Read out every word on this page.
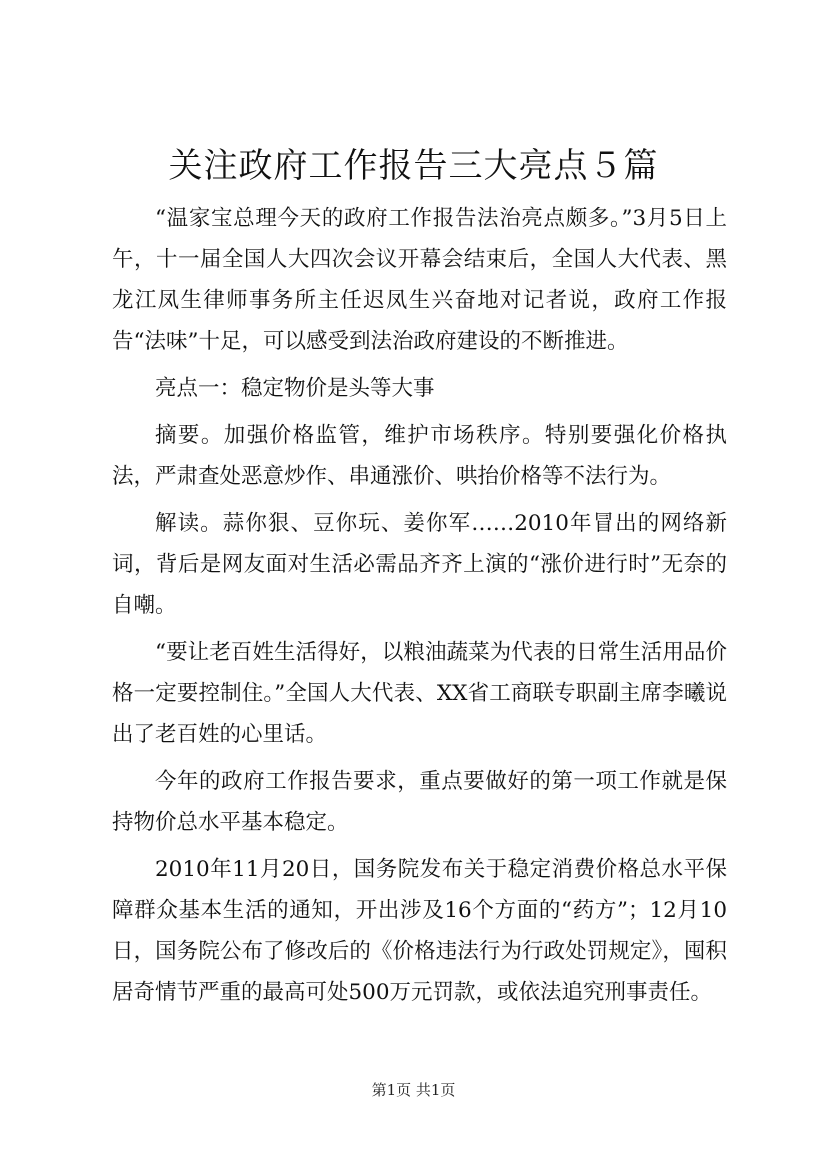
关注政府工作报告三大亮点５篇

“温家宝总理今天的政府工作报告法治亮点颇多。”3月5日上午，十一届全国人大四次会议开幕会结束后，全国人大代表、黑龙江凤生律师事务所主任迟凤生兴奋地对记者说，政府工作报告“法味”十足，可以感受到法治政府建设的不断推进。

亮点一：稳定物价是头等大事

摘要。加强价格监管，维护市场秩序。特别要强化价格执法，严肃查处恶意炒作、串通涨价、哄抬价格等不法行为。

解读。蒜你狠、豆你玩、姜你军……2010年冒出的网络新词，背后是网友面对生活必需品齐齐上演的“涨价进行时”无奈的自嘲。

“要让老百姓生活得好，以粮油蔬菜为代表的日常生活用品价格一定要控制住。”全国人大代表、XX省工商联专职副主席李曦说出了老百姓的心里话。

今年的政府工作报告要求，重点要做好的第一项工作就是保持物价总水平基本稳定。

2010年11月20日，国务院发布关于稳定消费价格总水平保障群众基本生活的通知，开出涉及16个方面的“药方”；12月10日，国务院公布了修改后的《价格违法行为行政处罚规定》，囤积居奇情节严重的最高可处500万元罚款，或依法追究刑事责任。

第1页 共1页
